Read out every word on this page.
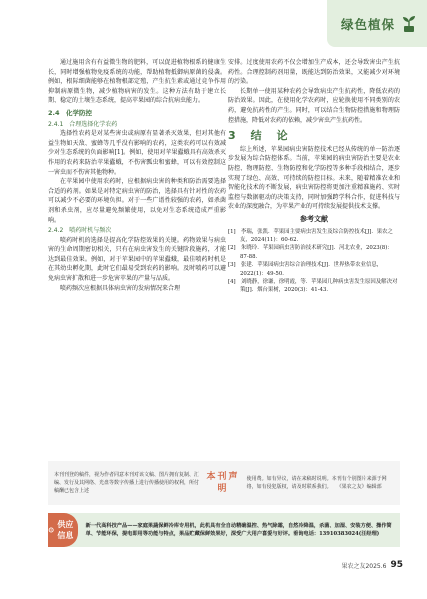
绿色植保

通过施用含有有益微生物的肥料，可以促进植物根系的健康生长，同时增强植物免疫系统的功能，帮助植物抵御病原菌的侵袭。例如，根际细菌能够在植物根部定殖，产生抗生素或通过竞争作用抑制病原微生物，减少植物病害的发生。这种方法有助于建立长期、稳定的土壤生态系统，提高苹果园的综合抗病虫能力。

2.4　化学防控
2.4.1　 合理选择化学农药

选择性农药是对某些害虫或病原有显著杀灭效果，但对其他有益生物如天敌、蜜蜂等几乎没有影响的农药，这类农药可以有效减少对生态系统的负面影响[1]。例如，使用对苹果蠹蛾具有高效杀灭作用的农药来防治苹果蠹蛾，不伤害瓢虫和蜜蜂，可以有效控制这一害虫而不伤害其他物种。

在苹果园中使用农药时，应根据病虫害的种类和防治需要选择合适的药剂。如果是对特定病虫害的防治，选择具有针对性的农药可以减少不必要的环境负担。对于一些广谱性较强的农药，如杀菌剂和杀虫剂，应尽量避免频繁使用，以免对生态系统造成严重影响。

2.4.2　 喷药时机与频次

喷药时机的选择是提高化学防控效果的关键。药物效果与病虫害的生命周期密切相关，只有在病虫害发生的关键阶段施药，才能达到最佳效果。例如，对于苹果园中的苹果蠹蛾，最佳喷药时机是在其幼虫孵化期，此时它们最易受到农药的影响。及时喷药可以避免病虫害扩散和进一步危害苹果的产量与品质。

喷药频次应根据具体病虫害的发病情况来合理

安排。过度使用农药不仅会增加生产成本，还会导致害虫产生抗药性。合理控制药剂用量，既能达到防治效果，又能减少对环境的污染。

长期单一使用某种农药会导致病虫产生抗药性，降低农药的防治效果。因此，在使用化学农药时，应轮换使用不同类别的农药，避免抗药性的产生。同时，可以结合生物防控措施和物理防控措施，降低对农药的依赖，减少害虫产生抗药性。

3　结　论

综上所述，苹果园病虫害防控技术已经从传统的单一防治逐步发展为综合防控体系。当前，苹果园的病虫害防治主要是农业防控、物理防控、生物防控和化学防控等多种手段相结合，逐步实现了绿色、高效、可持续的防控目标。未来，随着精准农业和智能化技术的不断发展，病虫害防控将更加注重精准施药、实时监控与数据驱动的决策支持，同时加强跨学科合作，促进科技与农业的深度融合，为苹果产业的可持续发展提供技术支撑。

参考文献
[1]　李瑞，张凯．苹果园主要病虫害发生及综合防控技术[J]．果农之友，2024(11)：60-62．
[2]　朱晓玲．苹果园病虫害防治技术研究[J]．河北农业，2023(8)：87-88．
[3]　张建．苹果园病虫害综合治理技术[J]．世界热带农业信息，2022(1)：49-50．
[4]　刘晓静，徐谦，徐明霞，等．苹果园几种病虫害发生原因及解决对策[J]．烟台果树，2020(3)：41-43．
本刊刊登的稿件，视为作者同意本刊对该文稿、图片拥有复制、汇编、发行及其网络、光盘等数字传播上进行传播使用的权利，所付稿酬已包含上述
本刊声明
使用费。如有异议，请在来稿时说明。本刊有个别图片来源于网络，如有侵犯版权，请及时联系我们。　　《果农之友》编辑部
供应信息
新一代高科技产品——家庭果蔬保鲜冷库专用机，此机具有全自动精确温控、热气除霜，自然冷降温，杀菌、加湿、安装方便、操作简单、节能环保，提电即用等功能与特点，果品贮藏保鲜效果好，深受广大用户喜爱与好评。垂询电话：13910383024(汪经理)
果农之友2025.6 95
